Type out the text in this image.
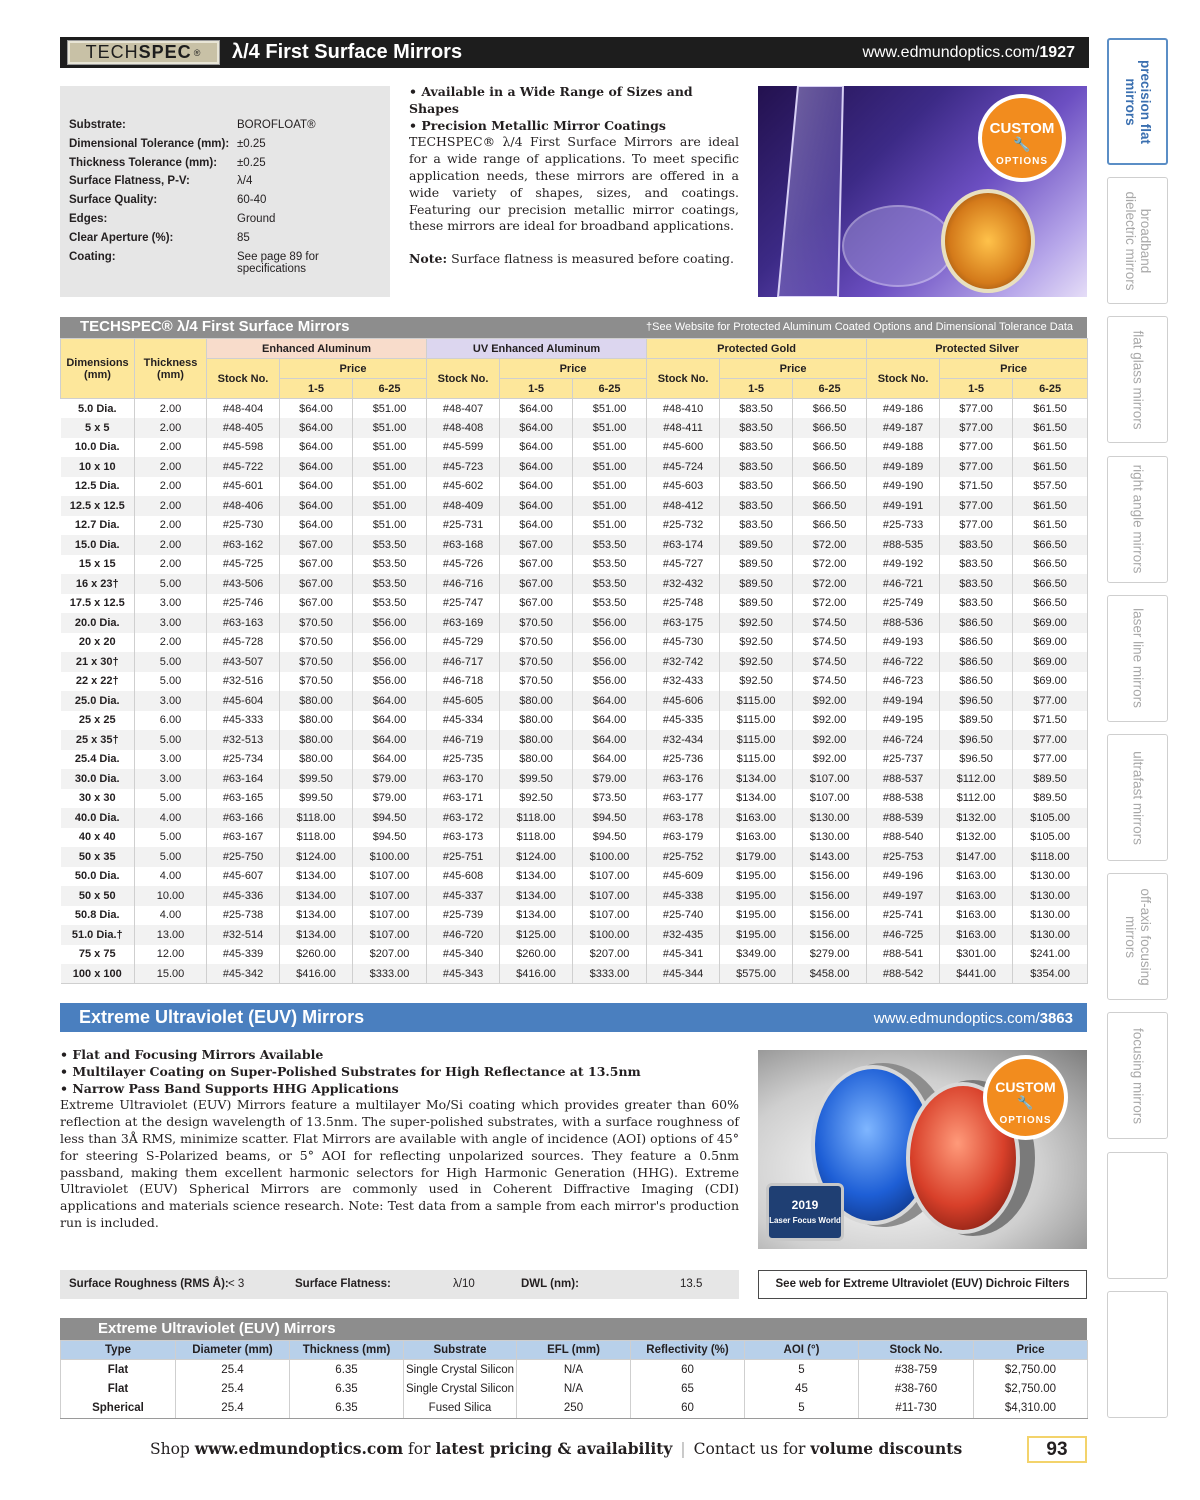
TECH SPEC ® λ/4 First Surface Mirrors	www.edmundoptics.com/1927
Substrate:	BOROFLOAT®
Dimensional Tolerance (mm): ±0.25
Thickness Tolerance (mm): ±0.25
Surface Flatness, P-V:	λ/4
Surface Quality:	60-40
Edges:	Ground
Clear Aperture (%):	85
Coating:	See page 89 for specifications
• Available in a Wide Range of Sizes and Shapes
• Precision Metallic Mirror Coatings

TECHSPEC® λ/4 First Surface Mirrors are ideal for a wide range of applications. To meet specific application needs, these mirrors are offered in a wide variety of shapes, sizes, and coatings. Featuring our precision metallic mirror coatings, these mirrors are ideal for broadband applications.

Note: Surface flatness is measured before coating.

CUSTOM
🔧
OPTIONS
precision flat mirrors
broadband dielectric mirrors
flat glass mirrors
right angle mirrors
laser line mirrors
ultrafast mirrors
off-axis focusing mirrors
focusing mirrors
TECHSPEC® λ/4 First Surface Mirrors	†See Website for Protected Aluminum Coated Options and Dimensional Tolerance Data
Dimensions (mm)	Thickness (mm)	Enhanced Aluminum			UV Enhanced Aluminum			Protected Gold			Protected Silver		
		Stock No.	Price		Stock No.	Price		Stock No.	Price		Stock No.	Price	
			1-5	6-25		1-5	6-25		1-5	6-25		1-5	6-25
5.0 Dia.	2.00	#48-404	$64.00	$51.00	#48-407	$64.00	$51.00	#48-410	$83.50	$66.50	#49-186	$77.00	$61.50
5 x 5	2.00	#48-405	$64.00	$51.00	#48-408	$64.00	$51.00	#48-411	$83.50	$66.50	#49-187	$77.00	$61.50
10.0 Dia.	2.00	#45-598	$64.00	$51.00	#45-599	$64.00	$51.00	#45-600	$83.50	$66.50	#49-188	$77.00	$61.50
10 x 10	2.00	#45-722	$64.00	$51.00	#45-723	$64.00	$51.00	#45-724	$83.50	$66.50	#49-189	$77.00	$61.50
12.5 Dia.	2.00	#45-601	$64.00	$51.00	#45-602	$64.00	$51.00	#45-603	$83.50	$66.50	#49-190	$71.50	$57.50
12.5 x 12.5	2.00	#48-406	$64.00	$51.00	#48-409	$64.00	$51.00	#48-412	$83.50	$66.50	#49-191	$77.00	$61.50
12.7 Dia.	2.00	#25-730	$64.00	$51.00	#25-731	$64.00	$51.00	#25-732	$83.50	$66.50	#25-733	$77.00	$61.50
15.0 Dia.	2.00	#63-162	$67.00	$53.50	#63-168	$67.00	$53.50	#63-174	$89.50	$72.00	#88-535	$83.50	$66.50
15 x 15	2.00	#45-725	$67.00	$53.50	#45-726	$67.00	$53.50	#45-727	$89.50	$72.00	#49-192	$83.50	$66.50
16 x 23†	5.00	#43-506	$67.00	$53.50	#46-716	$67.00	$53.50	#32-432	$89.50	$72.00	#46-721	$83.50	$66.50
17.5 x 12.5	3.00	#25-746	$67.00	$53.50	#25-747	$67.00	$53.50	#25-748	$89.50	$72.00	#25-749	$83.50	$66.50
20.0 Dia.	3.00	#63-163	$70.50	$56.00	#63-169	$70.50	$56.00	#63-175	$92.50	$74.50	#88-536	$86.50	$69.00
20 x 20	2.00	#45-728	$70.50	$56.00	#45-729	$70.50	$56.00	#45-730	$92.50	$74.50	#49-193	$86.50	$69.00
21 x 30†	5.00	#43-507	$70.50	$56.00	#46-717	$70.50	$56.00	#32-742	$92.50	$74.50	#46-722	$86.50	$69.00
22 x 22†	5.00	#32-516	$70.50	$56.00	#46-718	$70.50	$56.00	#32-433	$92.50	$74.50	#46-723	$86.50	$69.00
25.0 Dia.	3.00	#45-604	$80.00	$64.00	#45-605	$80.00	$64.00	#45-606	$115.00	$92.00	#49-194	$96.50	$77.00
25 x 25	6.00	#45-333	$80.00	$64.00	#45-334	$80.00	$64.00	#45-335	$115.00	$92.00	#49-195	$89.50	$71.50
25 x 35†	5.00	#32-513	$80.00	$64.00	#46-719	$80.00	$64.00	#32-434	$115.00	$92.00	#46-724	$96.50	$77.00
25.4 Dia.	3.00	#25-734	$80.00	$64.00	#25-735	$80.00	$64.00	#25-736	$115.00	$92.00	#25-737	$96.50	$77.00
30.0 Dia.	3.00	#63-164	$99.50	$79.00	#63-170	$99.50	$79.00	#63-176	$134.00	$107.00	#88-537	$112.00	$89.50
30 x 30	5.00	#63-165	$99.50	$79.00	#63-171	$92.50	$73.50	#63-177	$134.00	$107.00	#88-538	$112.00	$89.50
40.0 Dia.	4.00	#63-166	$118.00	$94.50	#63-172	$118.00	$94.50	#63-178	$163.00	$130.00	#88-539	$132.00	$105.00
40 x 40	5.00	#63-167	$118.00	$94.50	#63-173	$118.00	$94.50	#63-179	$163.00	$130.00	#88-540	$132.00	$105.00
50 x 35	5.00	#25-750	$124.00	$100.00	#25-751	$124.00	$100.00	#25-752	$179.00	$143.00	#25-753	$147.00	$118.00
50.0 Dia.	4.00	#45-607	$134.00	$107.00	#45-608	$134.00	$107.00	#45-609	$195.00	$156.00	#49-196	$163.00	$130.00
50 x 50	10.00	#45-336	$134.00	$107.00	#45-337	$134.00	$107.00	#45-338	$195.00	$156.00	#49-197	$163.00	$130.00
50.8 Dia.	4.00	#25-738	$134.00	$107.00	#25-739	$134.00	$107.00	#25-740	$195.00	$156.00	#25-741	$163.00	$130.00
51.0 Dia.†	13.00	#32-514	$134.00	$107.00	#46-720	$125.00	$100.00	#32-435	$195.00	$156.00	#46-725	$163.00	$130.00
75 x 75	12.00	#45-339	$260.00	$207.00	#45-340	$260.00	$207.00	#45-341	$349.00	$279.00	#88-541	$301.00	$241.00
100 x 100	15.00	#45-342	$416.00	$333.00	#45-343	$416.00	$333.00	#45-344	$575.00	$458.00	#88-542	$441.00	$354.00
Extreme Ultraviolet (EUV) Mirrors	www.edmundoptics.com/3863
• Flat and Focusing Mirrors Available
• Multilayer Coating on Super-Polished Substrates for High Reflectance at 13.5nm
• Narrow Pass Band Supports HHG Applications

Extreme Ultraviolet (EUV) Mirrors feature a multilayer Mo/Si coating which provides greater than 60% reflection at the design wavelength of 13.5nm. The super-polished substrates, with a surface roughness of less than 3Å RMS, minimize scatter. Flat Mirrors are available with angle of incidence (AOI) options of 45° for steering S-Polarized beams, or 5° AOI for reflecting unpolarized sources. They feature a 0.5nm passband, making them excellent harmonic selectors for High Harmonic Generation (HHG). Extreme Ultraviolet (EUV) Spherical Mirrors are commonly used in Coherent Diffractive Imaging (CDI) applications and materials science research. Note: Test data from a sample from each mirror's production run is included.

CUSTOM
🔧
OPTIONS
2019
Laser Focus World
Surface Roughness (RMS Å): < 3	Surface Flatness:	λ/10	DWL (nm):	13.5	See web for Extreme Ultraviolet (EUV) Dichroic Filters
Extreme Ultraviolet (EUV) Mirrors
Type	Diameter (mm)	Thickness (mm)	Substrate	EFL (mm)	Reflectivity (%)	AOI (°)	Stock No.	Price
Flat	25.4	6.35	Single Crystal Silicon	N/A	60	5	#38-759	$2,750.00
Flat	25.4	6.35	Single Crystal Silicon	N/A	65	45	#38-760	$2,750.00
Spherical	25.4	6.35	Fused Silica	250	60	5	#11-730	$4,310.00
Shop www.edmundoptics.com for latest pricing & availability | Contact us for volume discounts	93
